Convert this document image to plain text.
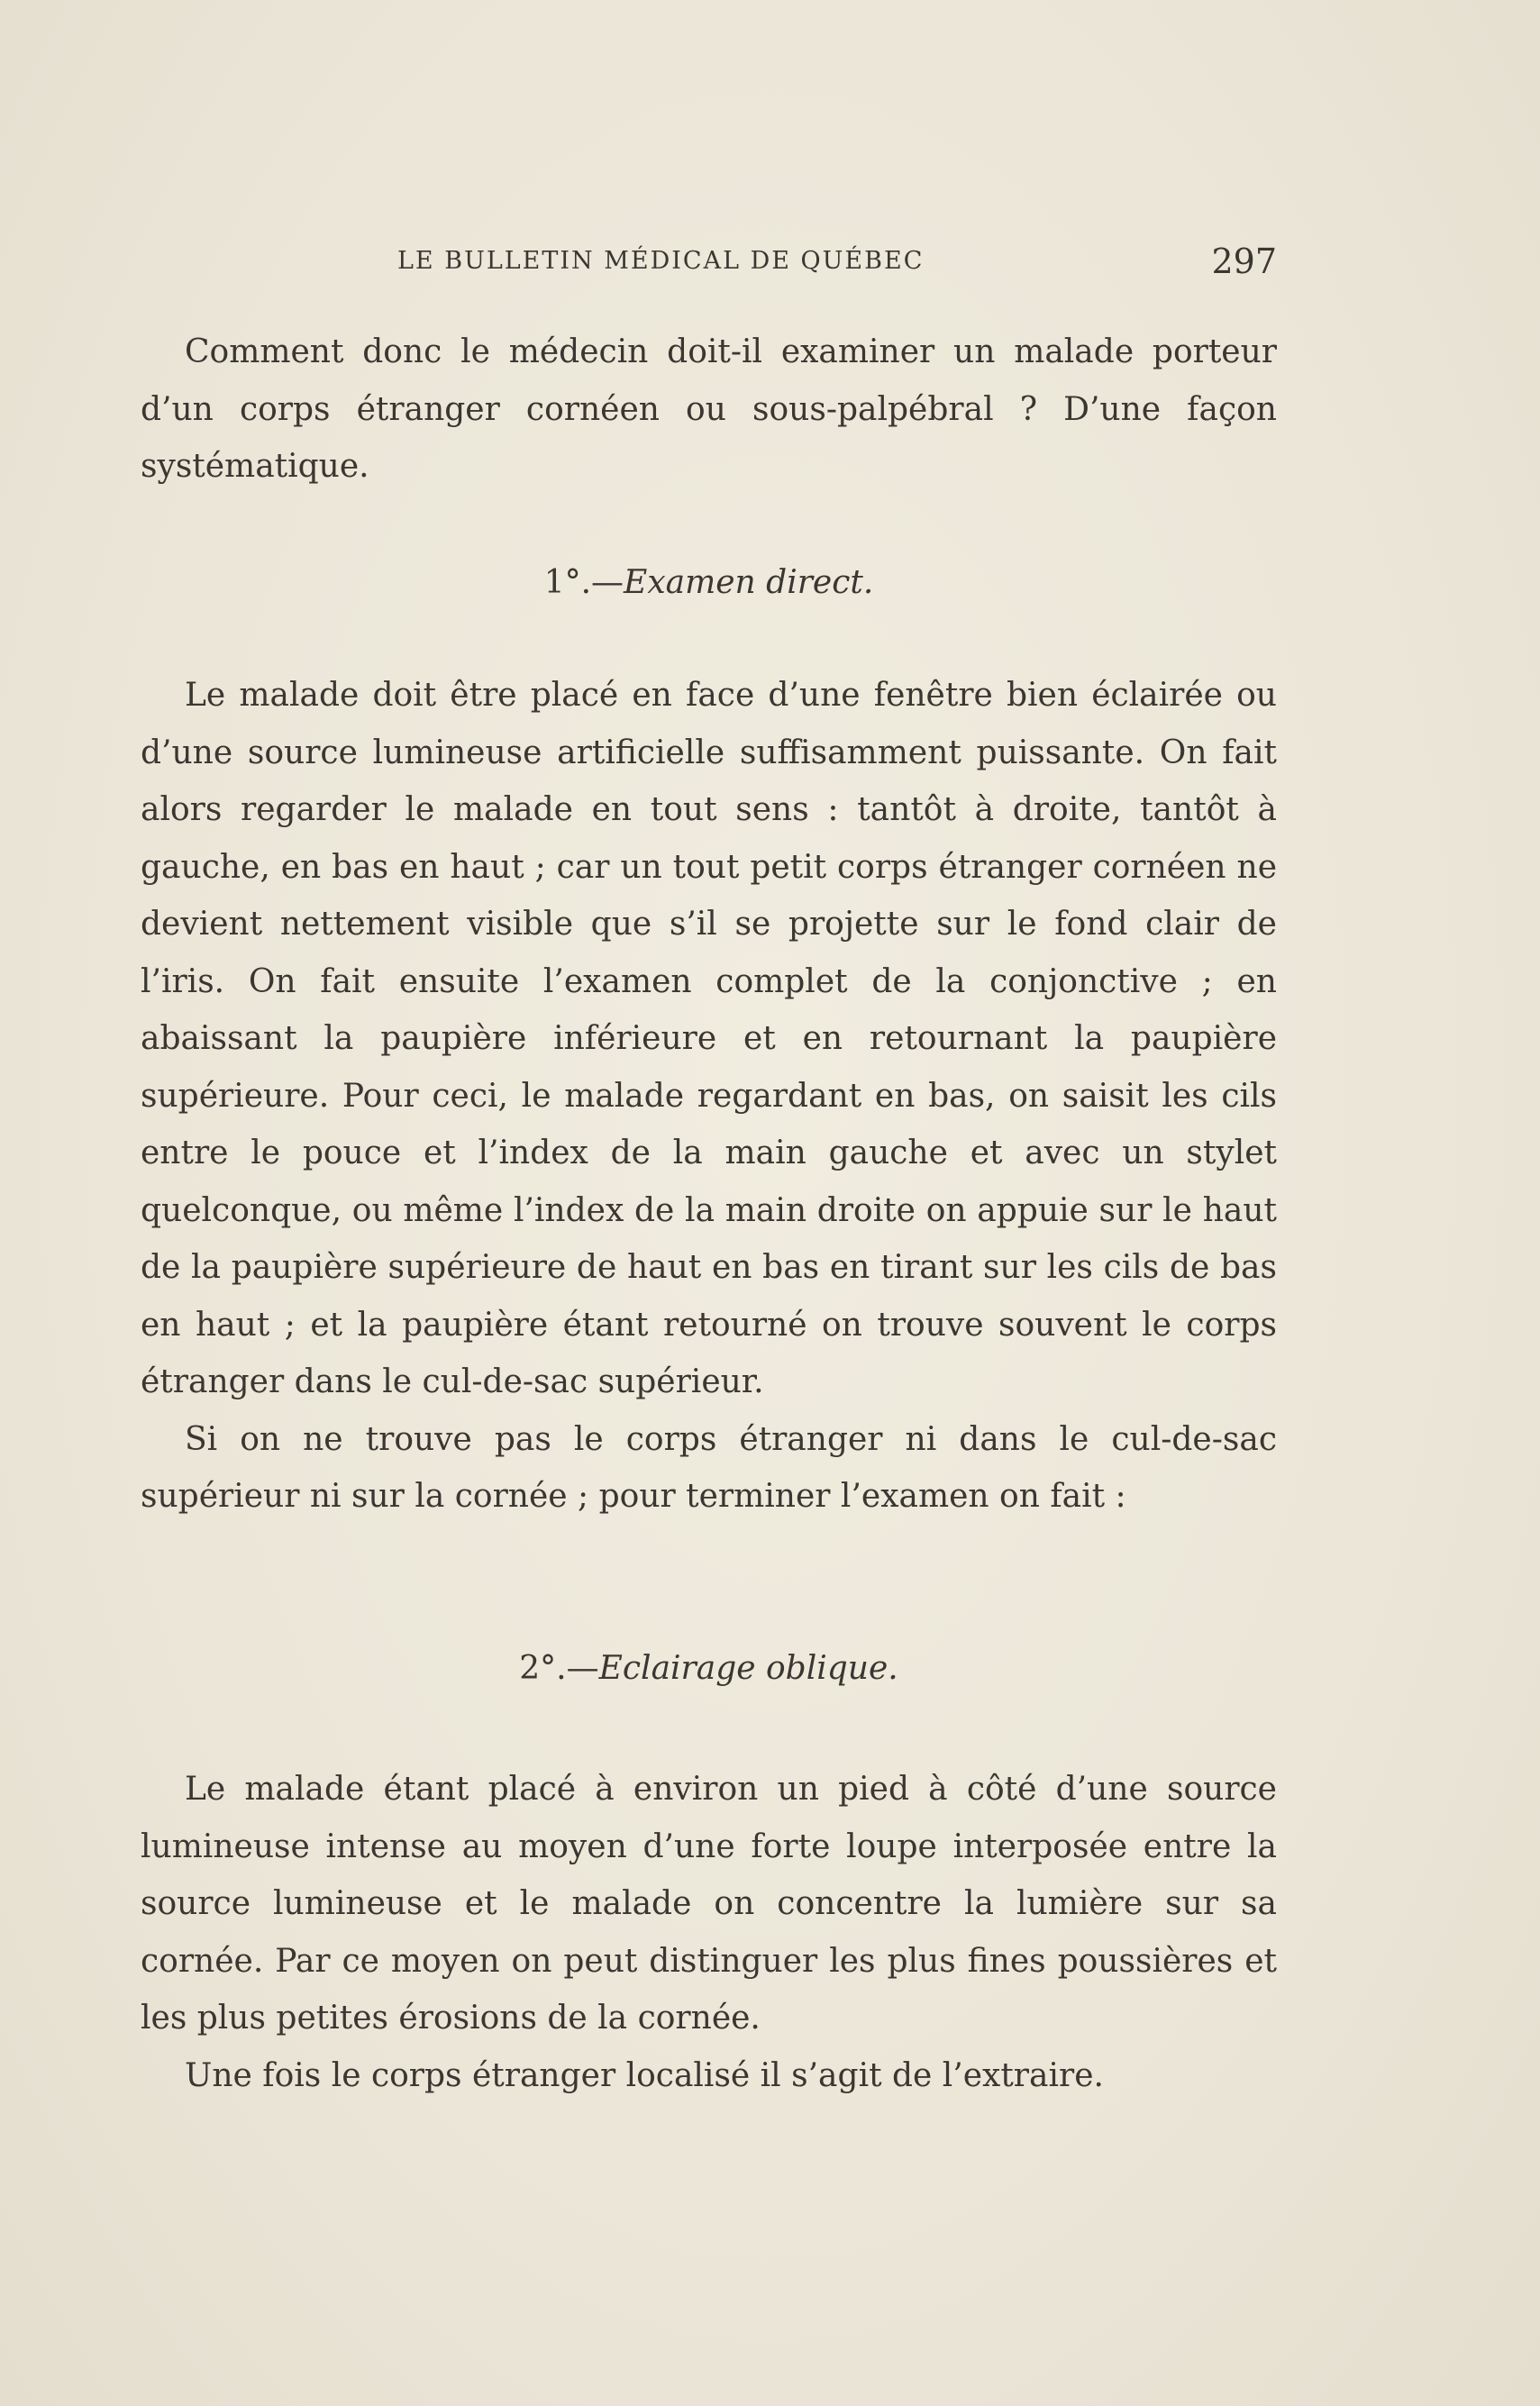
LE BULLETIN MÉDICAL DE QUÉBEC	297

Comment donc le médecin doit-il examiner un malade porteur d’un corps étranger cornéen ou sous-palpébral ? D’une façon systématique.

1°.—Examen direct.

Le malade doit être placé en face d’une fenêtre bien éclairée ou d’une source lumineuse artificielle suffisamment puissante. On fait alors regarder le malade en tout sens : tantôt à droite, tantôt à gauche, en bas en haut ; car un tout petit corps étranger cornéen ne devient nettement visible que s’il se projette sur le fond clair de l’iris. On fait ensuite l’examen complet de la conjonctive ; en abaissant la paupière inférieure et en retournant la paupière supérieure. Pour ceci, le malade regardant en bas, on saisit les cils entre le pouce et l’index de la main gauche et avec un stylet quelconque, ou même l’index de la main droite on appuie sur le haut de la paupière supérieure de haut en bas en tirant sur les cils de bas en haut ; et la paupière étant retourné on trouve souvent le corps étranger dans le cul-de-sac supérieur.

Si on ne trouve pas le corps étranger ni dans le cul-de-sac supérieur ni sur la cornée ; pour terminer l’examen on fait :

2°.—Eclairage oblique.

Le malade étant placé à environ un pied à côté d’une source lumineuse intense au moyen d’une forte loupe interposée entre la source lumineuse et le malade on concentre la lumière sur sa cornée. Par ce moyen on peut distinguer les plus fines poussières et les plus petites érosions de la cornée.

Une fois le corps étranger localisé il s’agit de l’extraire.
